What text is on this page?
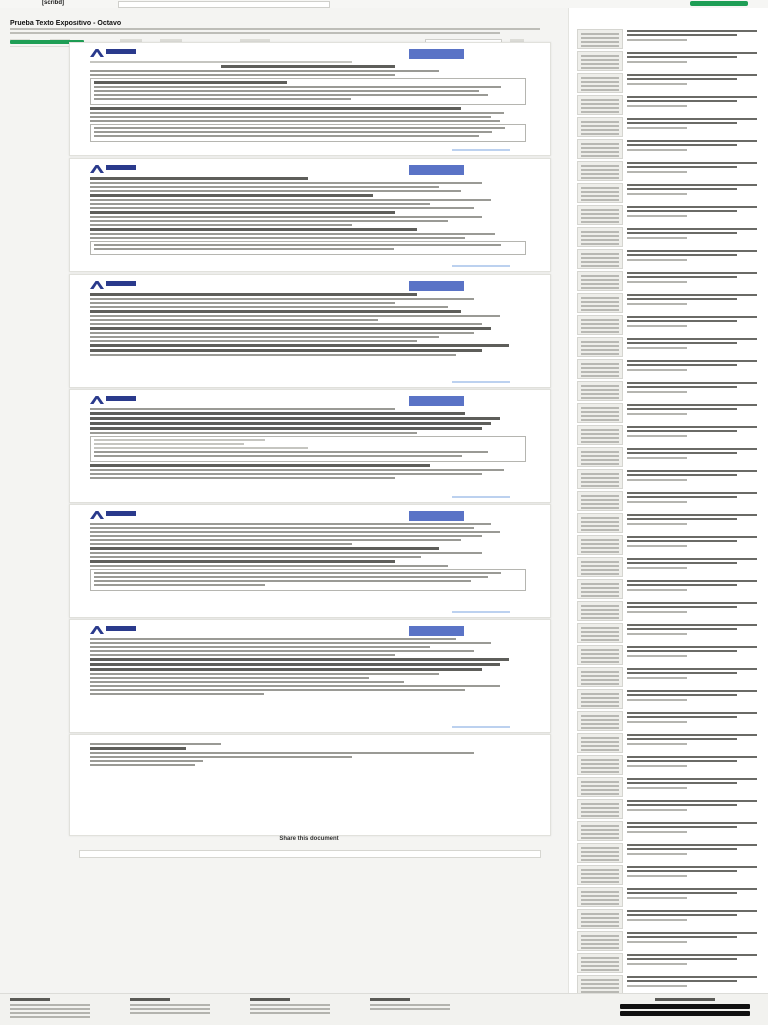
[scribd]
Prueba Texto Expositivo - Octavo
Share this document
